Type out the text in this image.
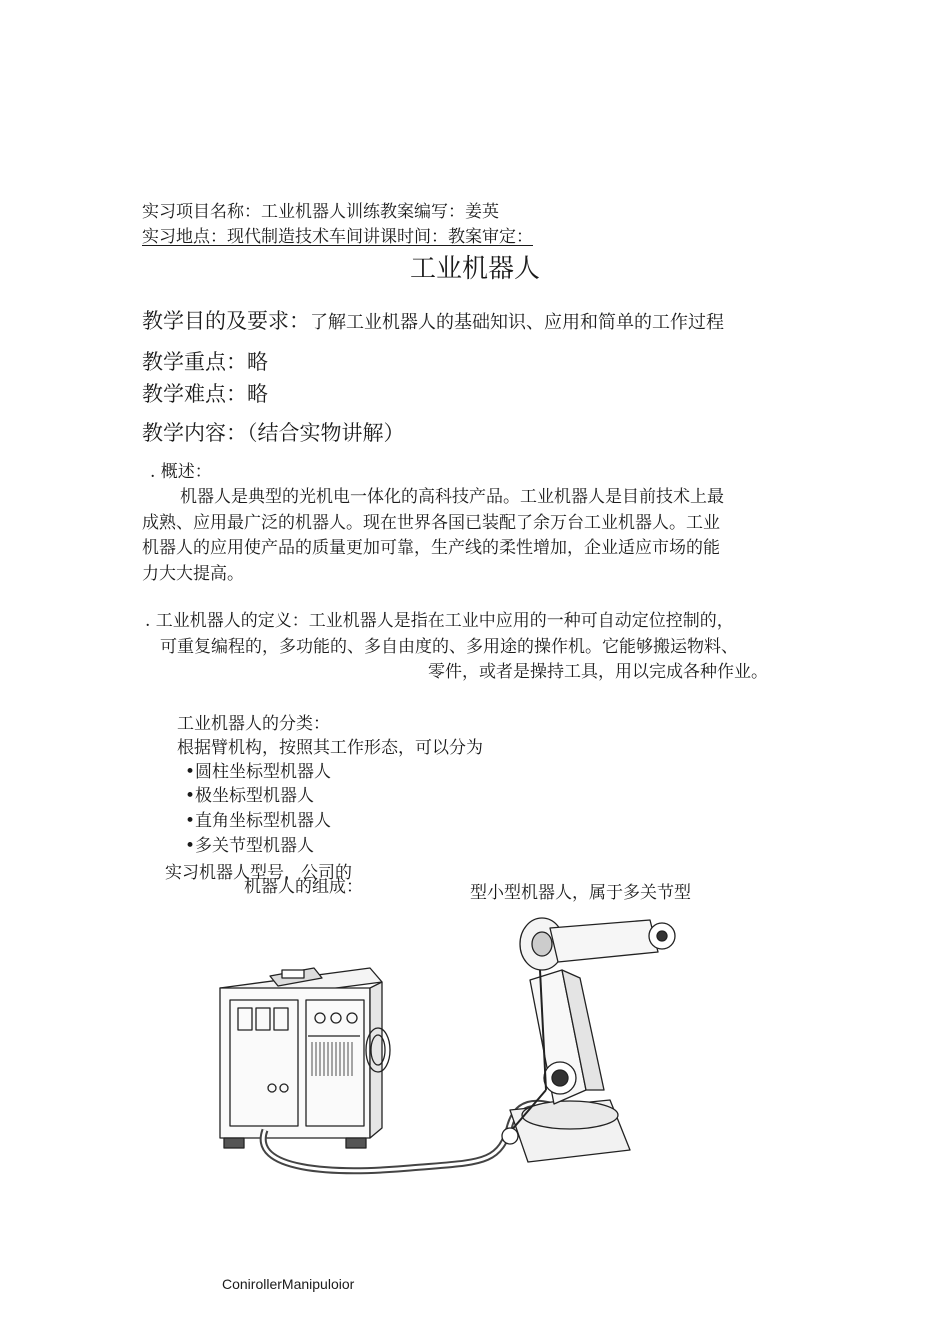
实习项目名称：工业机器人训练教案编写：姜英
实习地点：现代制造技术车间讲课时间：教案审定：
工业机器人
教学目的及要求：了解工业机器人的基础知识、应用和简单的工作过程
教学重点：略
教学难点：略
教学内容：（结合实物讲解）
. 概述：
机器人是典型的光机电一体化的高科技产品。工业机器人是目前技术上最
成熟、应用最广泛的机器人。现在世界各国已装配了余万台工业机器人。工业
机器人的应用使产品的质量更加可靠，生产线的柔性增加，企业适应市场的能
力大大提高。
. 工业机器人的定义：工业机器人是指在工业中应用的一种可自动定位控制的，
可重复编程的，多功能的、多自由度的、多用途的操作机。它能够搬运物料、
零件，或者是操持工具，用以完成各种作业。
工业机器人的分类：
根据臂机构，按照其工作形态，可以分为
•圆柱坐标型机器人
•极坐标型机器人
•直角坐标型机器人
•多关节型机器人
实习机器人型号，公司的
机器人的组成：	型小型机器人，属于多关节型
ConirollerManipuloior
